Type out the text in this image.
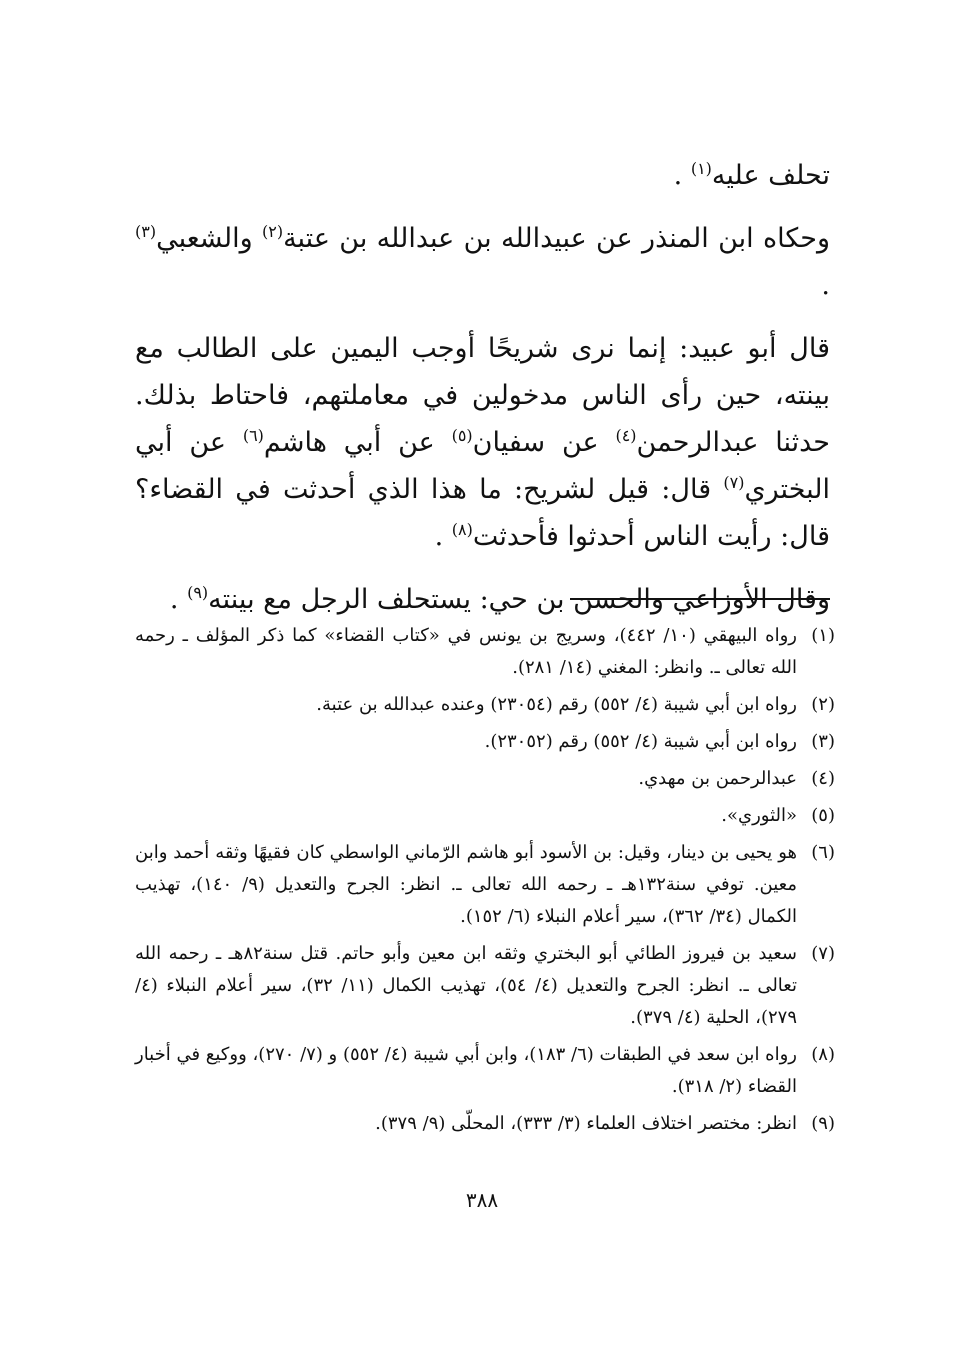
تحلف عليه$^{(١)}$ .

وحكاه ابن المنذر عن عبيدالله بن عبدالله بن عتبة$^{(٢)}$ والشعبي$^{(٣)}$ .

قال أبو عبيد: إنما نرى شريحًا أوجب اليمين على الطالب مع بينته، حين رأى الناس مدخولين في معاملتهم، فاحتاط بذلك. حدثنا عبدالرحمن$^{(٤)}$ عن سفيان$^{(٥)}$ عن أبي هاشم$^{(٦)}$ عن أبي البختري$^{(٧)}$ قال: قيل لشريح: ما هذا الذي أحدثت في القضاء؟ قال: رأيت الناس أحدثوا فأحدثت$^{(٨)}$ .

وقال الأوزاعي والحسن بن حي: يستحلف الرجل مع بينته$^{(٩)}$ .

(١)
رواه البيهقي (١٠/ ٤٤٢)، وسريج بن يونس في «كتاب القضاء» كما ذكر المؤلف ـ رحمه الله تعالى ـ. وانظر: المغني (١٤/ ٢٨١).
(٢)
رواه ابن أبي شيبة (٤/ ٥٥٢) رقم (٢٣٠٥٤) وعنده عبدالله بن عتبة.
(٣)
رواه ابن أبي شيبة (٤/ ٥٥٢) رقم (٢٣٠٥٢).
(٤)
عبدالرحمن بن مهدي.
(٥)
«الثوري».
(٦)
هو يحيى بن دينار، وقيل: بن الأسود أبو هاشم الرّماني الواسطي كان فقيهًا وثقه أحمد وابن معين. توفي سنة١٣٢هـ ـ رحمه الله تعالى ـ. انظر: الجرح والتعديل (٩/ ١٤٠)، تهذيب الكمال (٣٤/ ٣٦٢)، سير أعلام النبلاء (٦/ ١٥٢).
(٧)
سعيد بن فيروز الطائي أبو البختري وثقه ابن معين وأبو حاتم. قتل سنة٨٢هـ ـ رحمه الله تعالى ـ. انظر: الجرح والتعديل (٤/ ٥٤)، تهذيب الكمال (١١/ ٣٢)، سير أعلام النبلاء (٤/ ٢٧٩)، الحلية (٤/ ٣٧٩).
(٨)
رواه ابن سعد في الطبقات (٦/ ١٨٣)، وابن أبي شيبة (٤/ ٥٥٢) و (٧/ ٢٧٠)، ووكيع في أخبار القضاء (٢/ ٣١٨).
(٩)
انظر: مختصر اختلاف العلماء (٣/ ٣٣٣)، المحلّى (٩/ ٣٧٩).
٣٨٨
